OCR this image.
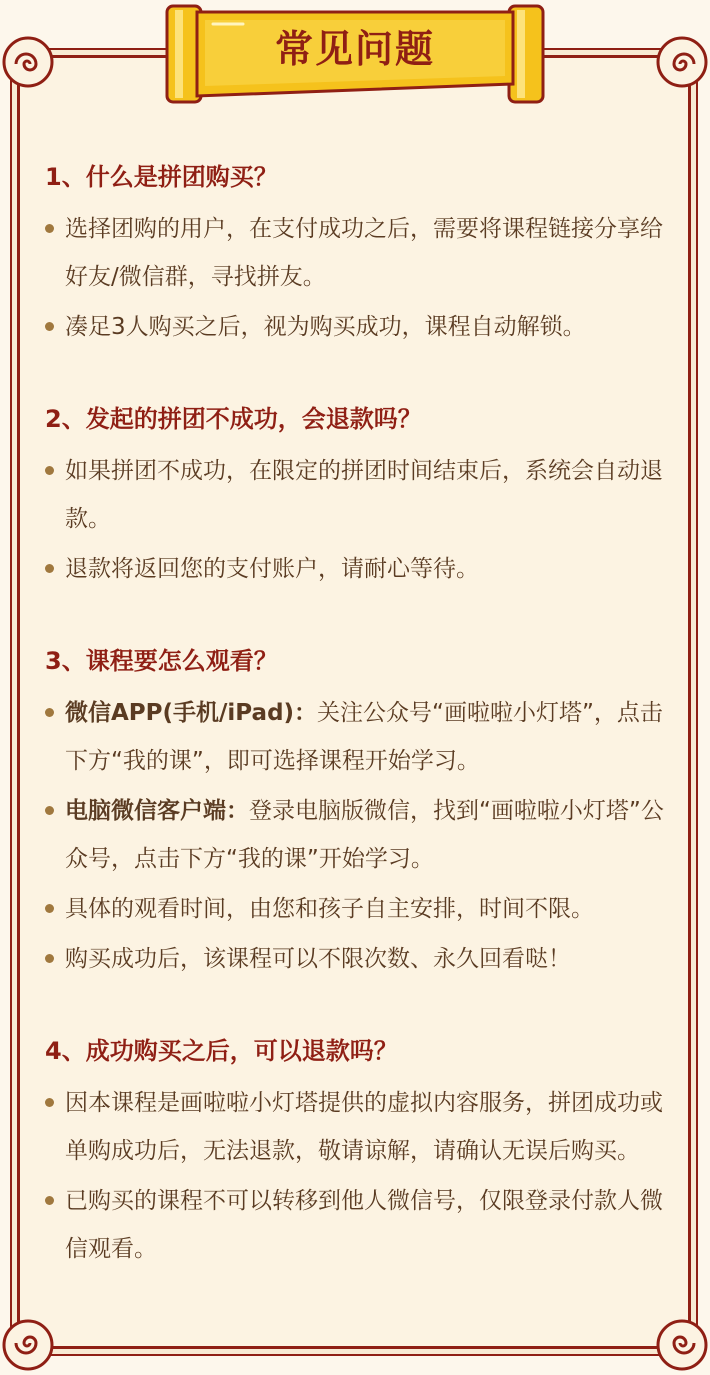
常见问题
1、什么是拼团购买？
选择团购的用户，在支付成功之后，需要将课程链接分享给好友/微信群，寻找拼友。
凑足3人购买之后，视为购买成功，课程自动解锁。
2、发起的拼团不成功，会退款吗？
如果拼团不成功，在限定的拼团时间结束后，系统会自动退款。
退款将返回您的支付账户，请耐心等待。
3、课程要怎么观看？
微信APP(手机/iPad)：关注公众号“画啦啦小灯塔”，点击下方“我的课”，即可选择课程开始学习。
电脑微信客户端：登录电脑版微信，找到“画啦啦小灯塔”公众号，点击下方“我的课”开始学习。
具体的观看时间，由您和孩子自主安排，时间不限。
购买成功后，该课程可以不限次数、永久回看哒！
4、成功购买之后，可以退款吗？
因本课程是画啦啦小灯塔提供的虚拟内容服务，拼团成功或单购成功后，无法退款，敬请谅解，请确认无误后购买。
已购买的课程不可以转移到他人微信号，仅限登录付款人微信观看。
